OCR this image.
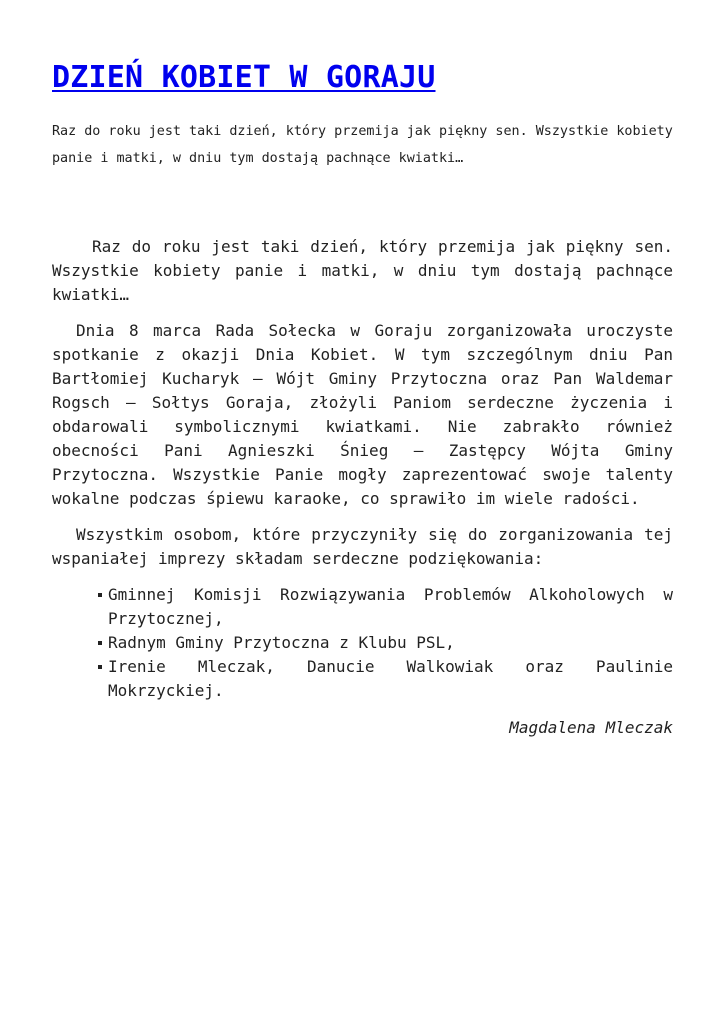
DZIEŃ KOBIET W GORAJU
Raz do roku jest taki dzień, który przemija jak piękny sen. Wszystkie kobiety panie i matki, w dniu tym dostają pachnące kwiatki…

Raz do roku jest taki dzień, który przemija jak piękny sen. Wszystkie kobiety panie i matki, w dniu tym dostają pachnące kwiatki…

Dnia 8 marca Rada Sołecka w Goraju zorganizowała uroczyste spotkanie z okazji Dnia Kobiet. W tym szczególnym dniu Pan Bartłomiej Kucharyk – Wójt Gminy Przytoczna oraz Pan Waldemar Rogsch – Sołtys Goraja, złożyli Paniom serdeczne życzenia i obdarowali symbolicznymi kwiatkami. Nie zabrakło również obecności Pani Agnieszki Śnieg – Zastępcy Wójta Gminy Przytoczna. Wszystkie Panie mogły zaprezentować swoje talenty wokalne podczas śpiewu karaoke, co sprawiło im wiele radości.

Wszystkim osobom, które przyczyniły się do zorganizowania tej wspaniałej imprezy składam serdeczne podziękowania:

Gminnej Komisji Rozwiązywania Problemów Alkoholowych w Przytocznej,
Radnym Gminy Przytoczna z Klubu PSL,
Irenie Mleczak, Danucie Walkowiak oraz Paulinie Mokrzyckiej.
Magdalena Mleczak
